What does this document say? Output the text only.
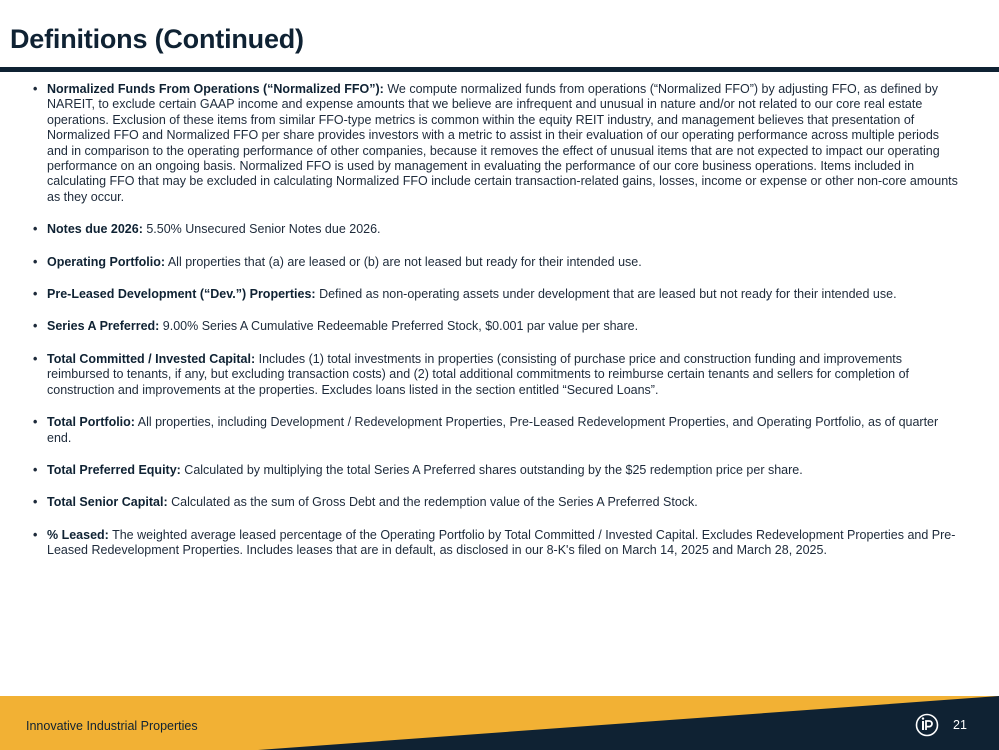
Definitions (Continued)
• Normalized Funds From Operations (“Normalized FFO”): We compute normalized funds from operations (“Normalized FFO”) by adjusting FFO, as defined by NAREIT, to exclude certain GAAP income and expense amounts that we believe are infrequent and unusual in nature and/or not related to our core real estate operations. Exclusion of these items from similar FFO-type metrics is common within the equity REIT industry, and management believes that presentation of Normalized FFO and Normalized FFO per share provides investors with a metric to assist in their evaluation of our operating performance across multiple periods and in comparison to the operating performance of other companies, because it removes the effect of unusual items that are not expected to impact our operating performance on an ongoing basis. Normalized FFO is used by management in evaluating the performance of our core business operations. Items included in calculating FFO that may be excluded in calculating Normalized FFO include certain transaction-related gains, losses, income or expense or other non-core amounts as they occur.
• Notes due 2026: 5.50% Unsecured Senior Notes due 2026.
• Operating Portfolio: All properties that (a) are leased or (b) are not leased but ready for their intended use.
• Pre-Leased Development (“Dev.”) Properties: Defined as non-operating assets under development that are leased but not ready for their intended use.
• Series A Preferred: 9.00% Series A Cumulative Redeemable Preferred Stock, $0.001 par value per share.
• Total Committed / Invested Capital: Includes (1) total investments in properties (consisting of purchase price and construction funding and improvements reimbursed to tenants, if any, but excluding transaction costs) and (2) total additional commitments to reimburse certain tenants and sellers for completion of construction and improvements at the properties. Excludes loans listed in the section entitled “Secured Loans”.
• Total Portfolio: All properties, including Development / Redevelopment Properties, Pre-Leased Redevelopment Properties, and Operating Portfolio, as of quarter end.
• Total Preferred Equity: Calculated by multiplying the total Series A Preferred shares outstanding by the $25 redemption price per share.
• Total Senior Capital: Calculated as the sum of Gross Debt and the redemption value of the Series A Preferred Stock.
• % Leased: The weighted average leased percentage of the Operating Portfolio by Total Committed / Invested Capital. Excludes Redevelopment Properties and Pre-Leased Redevelopment Properties. Includes leases that are in default, as disclosed in our 8-K's filed on March 14, 2025 and March 28, 2025.
Innovative Industrial Properties	21
